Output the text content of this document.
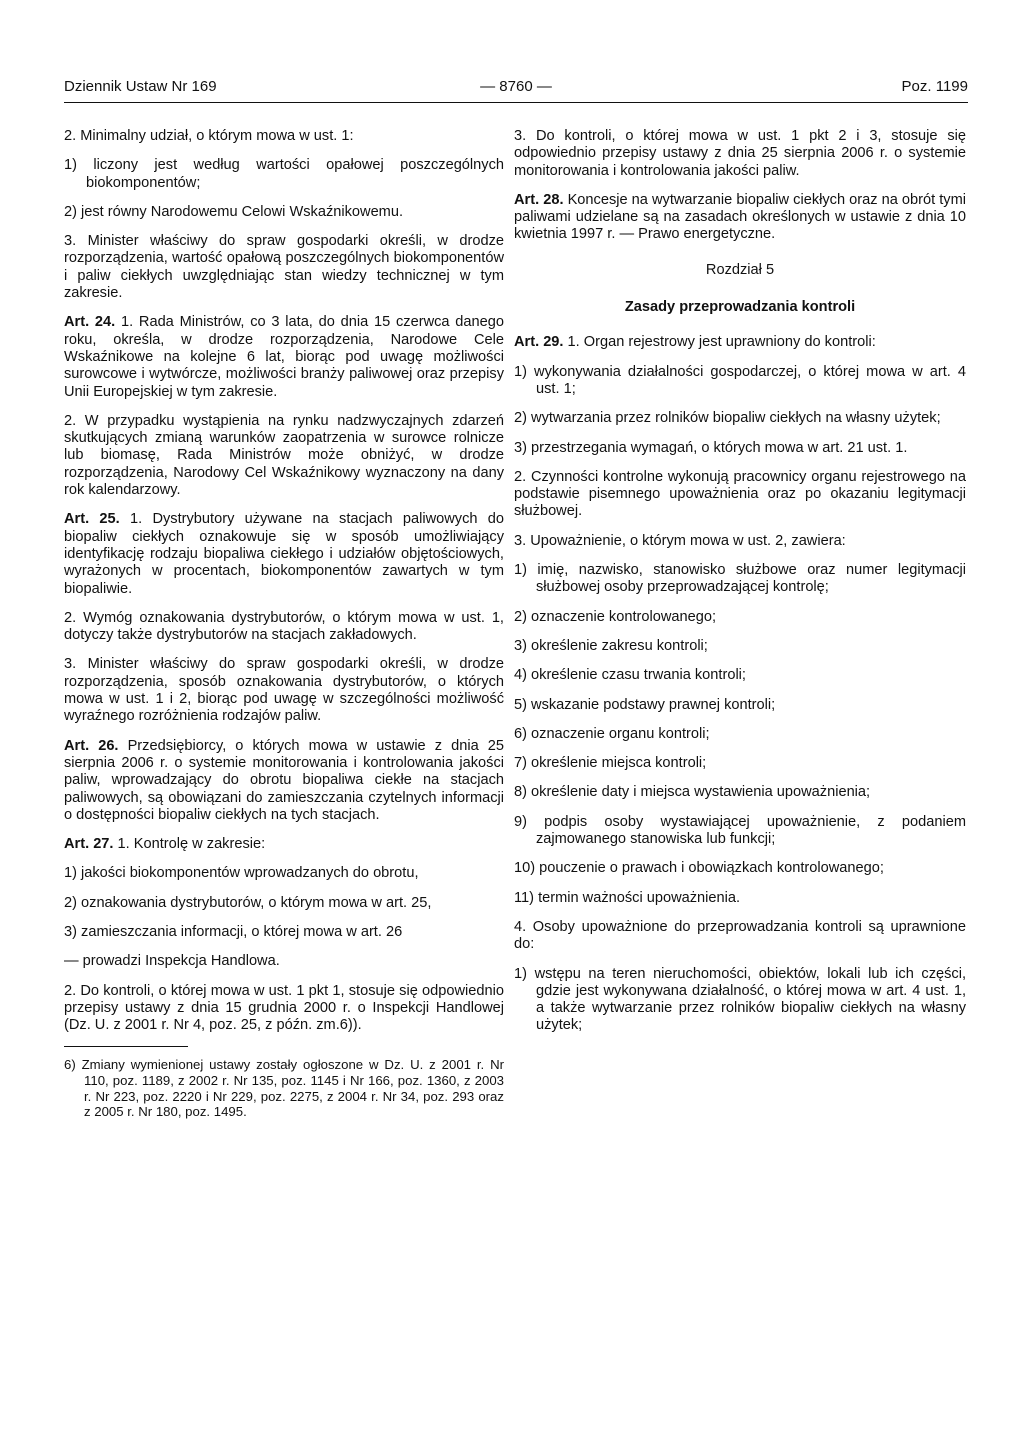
Dziennik Ustaw Nr 169	— 8760 —	Poz. 1199
2. Minimalny udział, o którym mowa w ust. 1:
1) liczony jest według wartości opałowej poszczególnych biokomponentów;
2) jest równy Narodowemu Celowi Wskaźnikowemu.
3. Minister właściwy do spraw gospodarki określi, w drodze rozporządzenia, wartość opałową poszczególnych biokomponentów i paliw ciekłych uwzględniając stan wiedzy technicznej w tym zakresie.
Art. 24. 1. Rada Ministrów, co 3 lata, do dnia 15 czerwca danego roku, określa, w drodze rozporządzenia, Narodowe Cele Wskaźnikowe na kolejne 6 lat, biorąc pod uwagę możliwości surowcowe i wytwórcze, możliwości branży paliwowej oraz przepisy Unii Europejskiej w tym zakresie.
2. W przypadku wystąpienia na rynku nadzwyczajnych zdarzeń skutkujących zmianą warunków zaopatrzenia w surowce rolnicze lub biomasę, Rada Ministrów może obniżyć, w drodze rozporządzenia, Narodowy Cel Wskaźnikowy wyznaczony na dany rok kalendarzowy.
Art. 25. 1. Dystrybutory używane na stacjach paliwowych do biopaliw ciekłych oznakowuje się w sposób umożliwiający identyfikację rodzaju biopaliwa ciekłego i udziałów objętościowych, wyrażonych w procentach, biokomponentów zawartych w tym biopaliwie.
2. Wymóg oznakowania dystrybutorów, o którym mowa w ust. 1, dotyczy także dystrybutorów na stacjach zakładowych.
3. Minister właściwy do spraw gospodarki określi, w drodze rozporządzenia, sposób oznakowania dystrybutorów, o których mowa w ust. 1 i 2, biorąc pod uwagę w szczególności możliwość wyraźnego rozróżnienia rodzajów paliw.
Art. 26. Przedsiębiorcy, o których mowa w ustawie z dnia 25 sierpnia 2006 r. o systemie monitorowania i kontrolowania jakości paliw, wprowadzający do obrotu biopaliwa ciekłe na stacjach paliwowych, są obowiązani do zamieszczania czytelnych informacji o dostępności biopaliw ciekłych na tych stacjach.
Art. 27. 1. Kontrolę w zakresie:
1) jakości biokomponentów wprowadzanych do obrotu,
2) oznakowania dystrybutorów, o którym mowa w art. 25,
3) zamieszczania informacji, o której mowa w art. 26
— prowadzi Inspekcja Handlowa.
2. Do kontroli, o której mowa w ust. 1 pkt 1, stosuje się odpowiednio przepisy ustawy z dnia 15 grudnia 2000 r. o Inspekcji Handlowej (Dz. U. z 2001 r. Nr 4, poz. 25, z późn. zm.6)).
6) Zmiany wymienionej ustawy zostały ogłoszone w Dz. U. z 2001 r. Nr 110, poz. 1189, z 2002 r. Nr 135, poz. 1145 i Nr 166, poz. 1360, z 2003 r. Nr 223, poz. 2220 i Nr 229, poz. 2275, z 2004 r. Nr 34, poz. 293 oraz z 2005 r. Nr 180, poz. 1495.
3. Do kontroli, o której mowa w ust. 1 pkt 2 i 3, stosuje się odpowiednio przepisy ustawy z dnia 25 sierpnia 2006 r. o systemie monitorowania i kontrolowania jakości paliw.
Art. 28. Koncesje na wytwarzanie biopaliw ciekłych oraz na obrót tymi paliwami udzielane są na zasadach określonych w ustawie z dnia 10 kwietnia 1997 r. — Prawo energetyczne.
Rozdział 5
Zasady przeprowadzania kontroli
Art. 29. 1. Organ rejestrowy jest uprawniony do kontroli:
1) wykonywania działalności gospodarczej, o której mowa w art. 4 ust. 1;
2) wytwarzania przez rolników biopaliw ciekłych na własny użytek;
3) przestrzegania wymagań, o których mowa w art. 21 ust. 1.
2. Czynności kontrolne wykonują pracownicy organu rejestrowego na podstawie pisemnego upoważnienia oraz po okazaniu legitymacji służbowej.
3. Upoważnienie, o którym mowa w ust. 2, zawiera:
1) imię, nazwisko, stanowisko służbowe oraz numer legitymacji służbowej osoby przeprowadzającej kontrolę;
2) oznaczenie kontrolowanego;
3) określenie zakresu kontroli;
4) określenie czasu trwania kontroli;
5) wskazanie podstawy prawnej kontroli;
6) oznaczenie organu kontroli;
7) określenie miejsca kontroli;
8) określenie daty i miejsca wystawienia upoważnienia;
9) podpis osoby wystawiającej upoważnienie, z podaniem zajmowanego stanowiska lub funkcji;
10) pouczenie o prawach i obowiązkach kontrolowanego;
11) termin ważności upoważnienia.
4. Osoby upoważnione do przeprowadzania kontroli są uprawnione do:
1) wstępu na teren nieruchomości, obiektów, lokali lub ich części, gdzie jest wykonywana działalność, o której mowa w art. 4 ust. 1, a także wytwarzanie przez rolników biopaliw ciekłych na własny użytek;
